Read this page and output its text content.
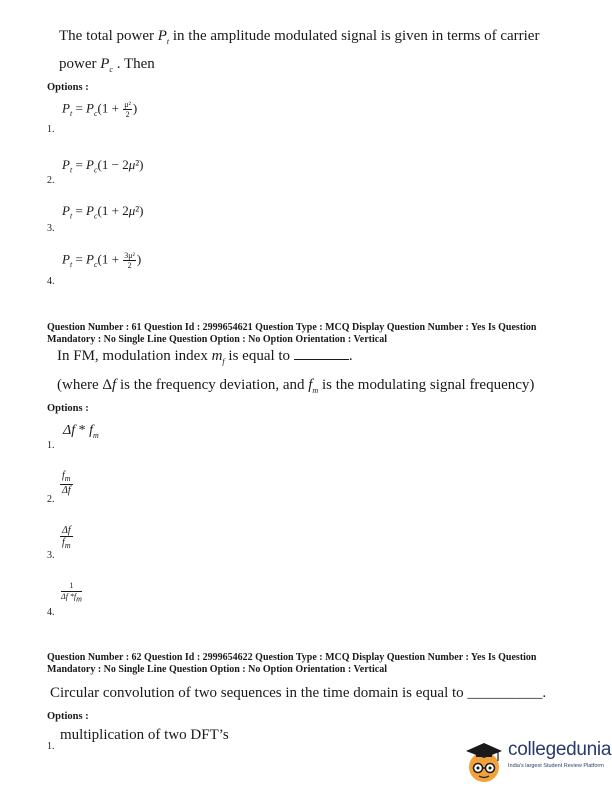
The total power $P_t$ in the amplitude modulated signal is given in terms of carrier
power $P_c$ . Then
Options :
$P_t = P_c(1 + \frac{\text{μ²}}{2}$ )
1.
$P_t = P_c(1 - 2\mu^2)$
2.
$P_t = P_c(1 + 2\mu^2)$
3.
$P_t = P_c(1 + \frac{\text{3μ²}}{2}$ )
4.
Question Number : 61 Question Id : 2999654621 Question Type : MCQ Display Question Number : Yes Is Question
Mandatory : No Single Line Question Option : No Option Orientation : Vertical
In FM, modulation index $m_f$ is equal to	.
(where Δf is the frequency deviation, and $f_m$ is the modulating signal frequency)
Options :
Δf * $f_m$
1.
$\frac{f_m}{\Delta f}$
2.
$\frac{\Delta f}{f_m}$
3.
$\frac{1}{\Delta f *f_m}$
4.
Question Number : 62 Question Id : 2999654622 Question Type : MCQ Display Question Number : Yes Is Question
Mandatory : No Single Line Question Option : No Option Orientation : Vertical
Circular convolution of two sequences in the time domain is equal to __________.
Options :
multiplication of two DFT’s
1.	collegedunia
India's largest Student Review Platform
